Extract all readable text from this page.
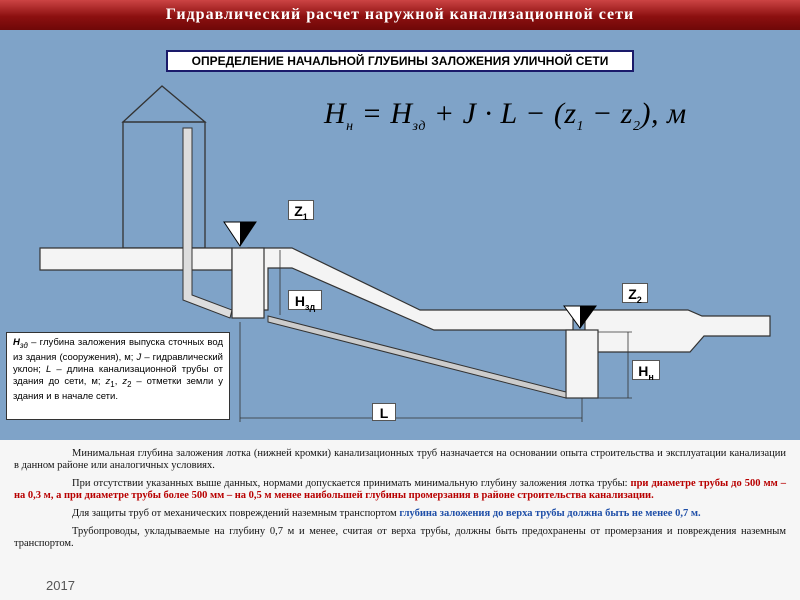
Гидравлический расчет наружной канализационной сети
ОПРЕДЕЛЕНИЕ НАЧАЛЬНОЙ ГЛУБИНЫ ЗАЛОЖЕНИЯ УЛИЧНОЙ СЕТИ
$H_н = H_{зд} + J \cdot L - (z_1 - z_2)$, м
$Z_1$
$Z_2$
$H_{зд}$
$H_н$
L
$Н_{зд}$ – глубина заложения выпуска сточных вод из здания (сооружения), м; J – гидравлический уклон; L – длина канализационной трубы от здания до сети, м; $z_1$, $z_2$ – отметки земли у здания и в начале сети.

Минимальная глубина заложения лотка (нижней кромки) канализационных труб назначается на основании опыта строительства и эксплуатации канализации в данном районе или аналогичных условиях.

При отсутствии указанных выше данных, нормами допускается принимать минимальную глубину заложения лотка трубы: при диаметре трубы до 500 мм – на 0,3 м, а при диаметре трубы более 500 мм – на 0,5 м менее наибольшей глубины промерзания в районе строительства канализации.

Для защиты труб от механических повреждений наземным транспортом глубина заложения до верха трубы должна быть не менее 0,7 м.

Трубопроводы, укладываемые на глубину 0,7 м и менее, считая от верха трубы, должны быть предохранены от промерзания и повреждения наземным транспортом.

2017
